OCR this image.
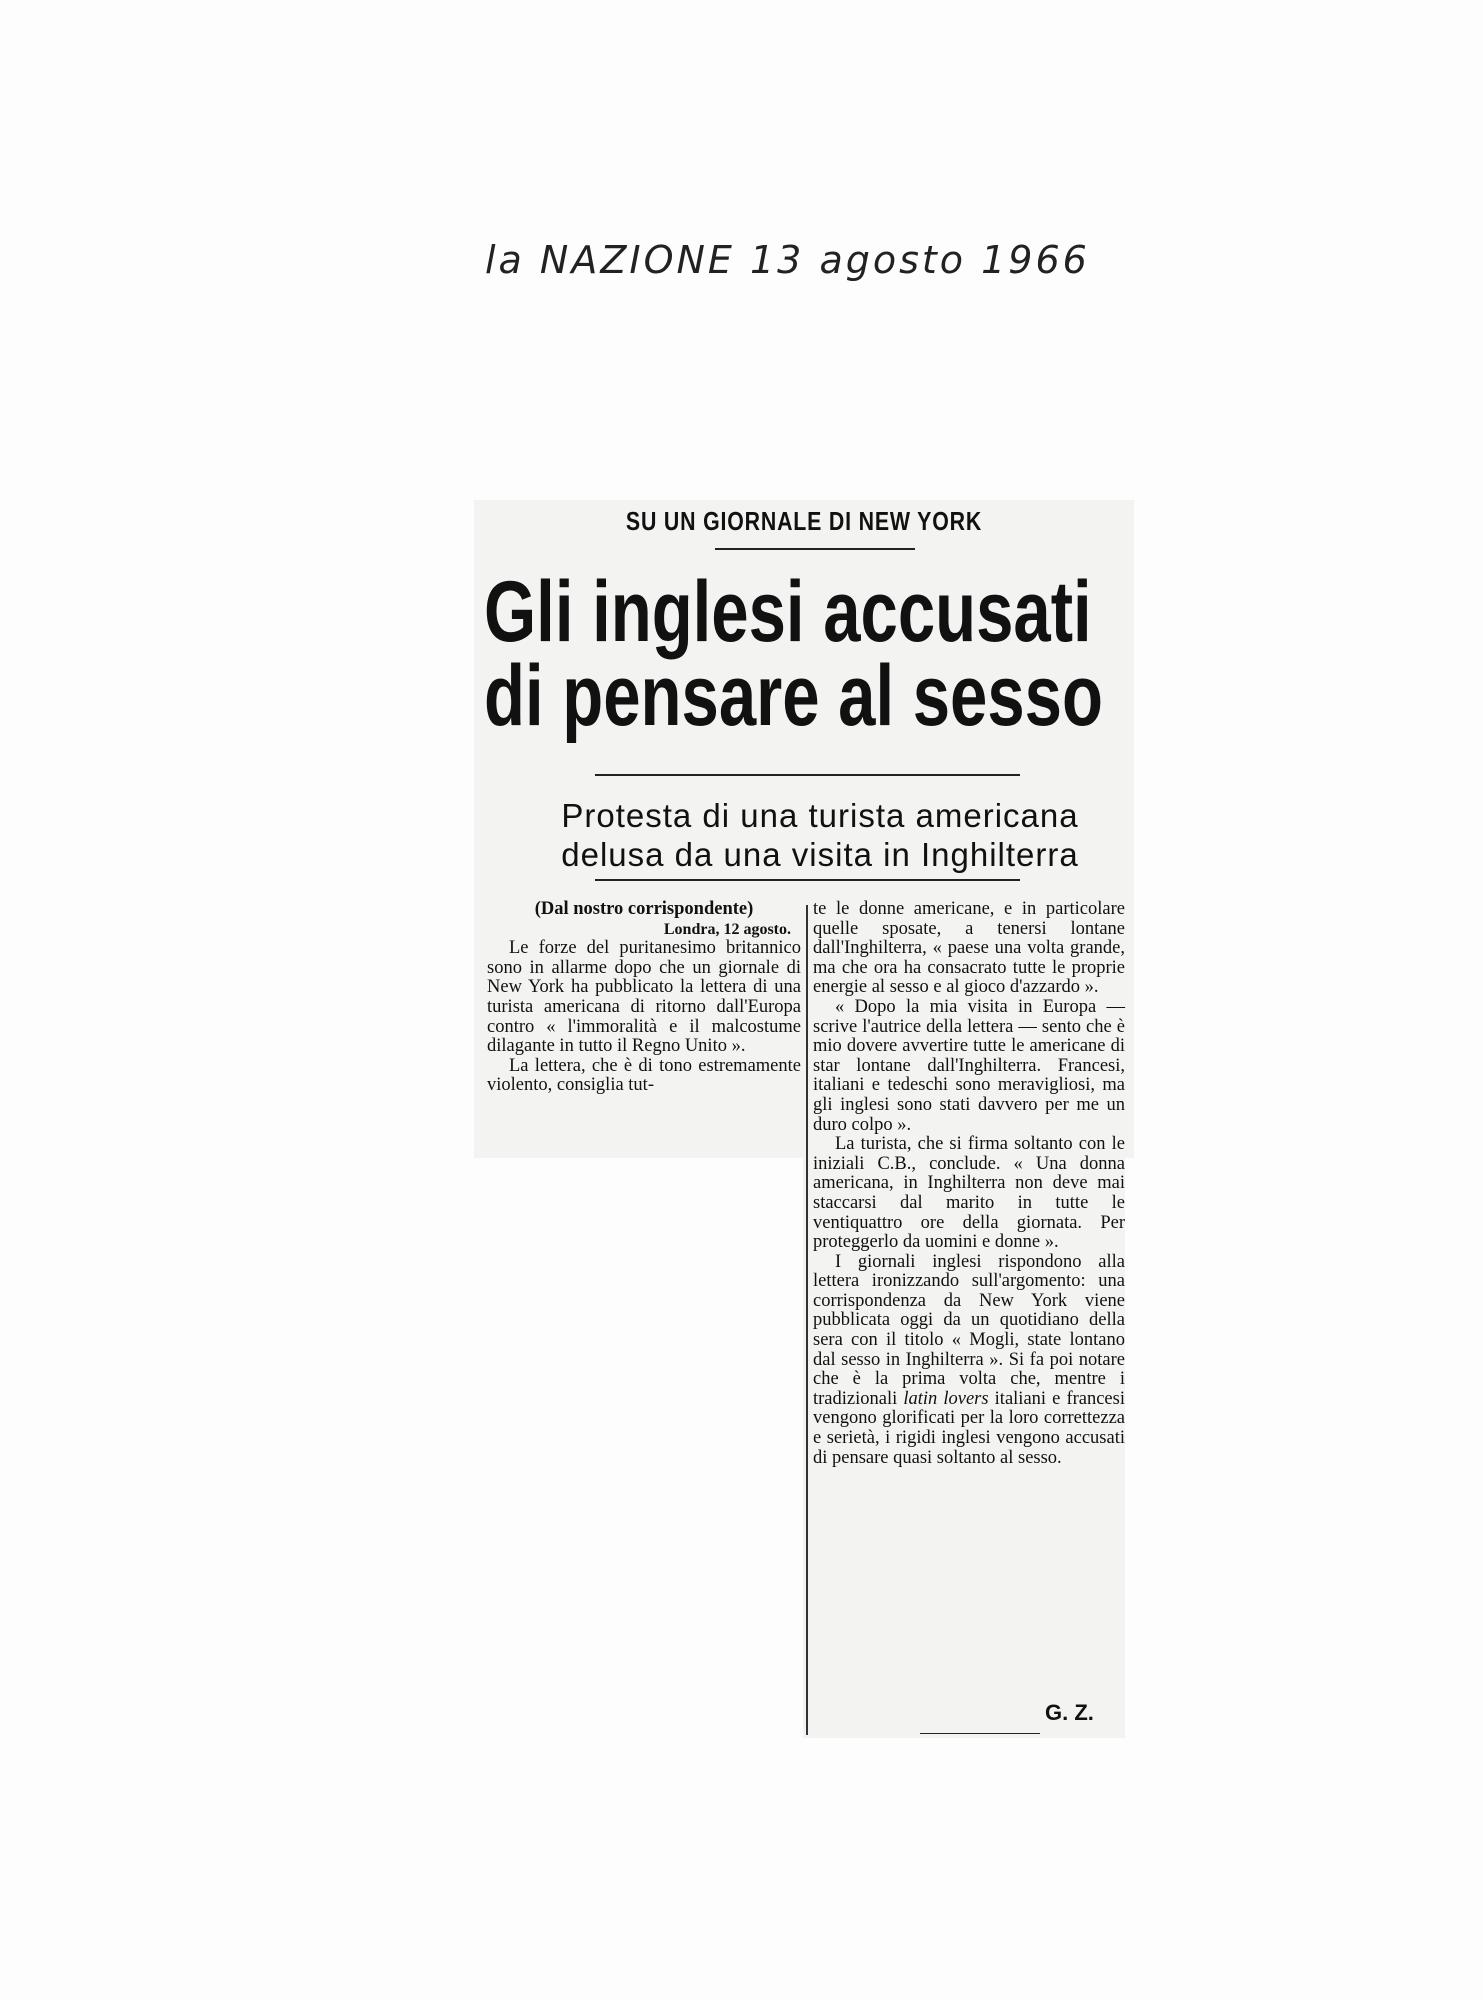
la NAZIONE 13 agosto 1966
SU UN GIORNALE DI NEW YORK
Gli inglesi accusati
di pensare al sesso
Protesta di una turista americana
delusa da una visita in Inghilterra
(Dal nostro corrispondente)
Londra, 12 agosto.

Le forze del puritanesimo britannico sono in allarme dopo che un giornale di New York ha pubblicato la lettera di una turista americana di ritorno dall'Europa contro « l'immoralità e il malcostume dilagante in tutto il Regno Unito ».

La lettera, che è di tono estremamente violento, consiglia tut-

te le donne americane, e in particolare quelle sposate, a tenersi lontane dall'Inghilterra, « paese una volta grande, ma che ora ha consacrato tutte le proprie energie al sesso e al gioco d'azzardo ».

« Dopo la mia visita in Europa — scrive l'autrice della lettera — sento che è mio dovere avvertire tutte le americane di star lontane dall'Inghilterra. Francesi, italiani e tedeschi sono meravigliosi, ma gli inglesi sono stati davvero per me un duro colpo ».

La turista, che si firma soltanto con le iniziali C.B., conclude. « Una donna americana, in Inghilterra non deve mai staccarsi dal marito in tutte le ventiquattro ore della giornata. Per proteggerlo da uomini e donne ».

I giornali inglesi rispondono alla lettera ironizzando sull'argomento: una corrispondenza da New York viene pubblicata oggi da un quotidiano della sera con il titolo « Mogli, state lontano dal sesso in Inghilterra ». Si fa poi notare che è la prima volta che, mentre i tradizionali latin lovers italiani e francesi vengono glorificati per la loro correttezza e serietà, i rigidi inglesi vengono accusati di pensare quasi soltanto al sesso.

G. Z.
